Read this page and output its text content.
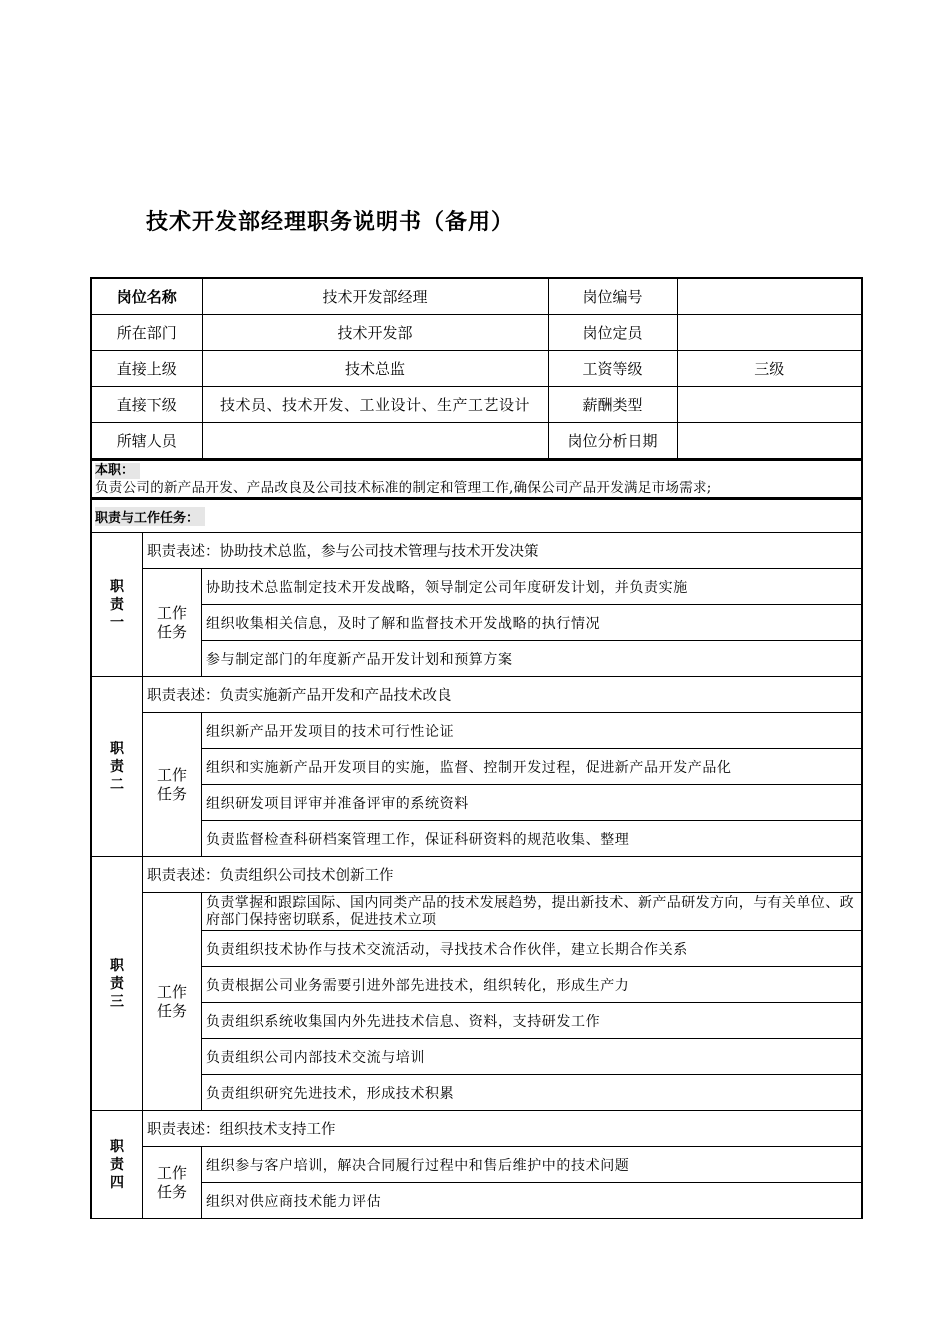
技术开发部经理职务说明书（备用）
岗位名称	技术开发部经理	岗位编号	
所在部门	技术开发部	岗位定员	
直接上级	技术总监	工资等级	三级
直接下级	技术员、技术开发、工业设计、生产工艺设计	薪酬类型	
所辖人员		岗位分析日期	
本职：
负责公司的新产品开发、产品改良及公司技术标准的制定和管理工作,确保公司产品开发满足市场需求;
职责与工作任务：
职
责
一
职责表述： 协助技术总监，参与公司技术管理与技术开发决策
工作
任务
协助技术总监制定技术开发战略，领导制定公司年度研发计划，并负责实施
组织收集相关信息，及时了解和监督技术开发战略的执行情况
参与制定部门的年度新产品开发计划和预算方案
职
责
二
职责表述： 负责实施新产品开发和产品技术改良
工作
任务
组织新产品开发项目的技术可行性论证
组织和实施新产品开发项目的实施，监督、控制开发过程，促进新产品开发产品化
组织研发项目评审并准备评审的系统资料
负责监督检查科研档案管理工作，保证科研资料的规范收集、整理
职
责
三
职责表述： 负责组织公司技术创新工作
工作
任务
负责掌握和跟踪国际、国内同类产品的技术发展趋势，提出新技术、新产品研发方向，与有关单位、政府部门保持密切联系，促进技术立项
负责组织技术协作与技术交流活动，寻找技术合作伙伴，建立长期合作关系
负责根据公司业务需要引进外部先进技术，组织转化，形成生产力
负责组织系统收集国内外先进技术信息、资料，支持研发工作
负责组织公司内部技术交流与培训
负责组织研究先进技术，形成技术积累
职
责
四
职责表述： 组织技术支持工作
工作
任务
组织参与客户培训，解决合同履行过程中和售后维护中的技术问题
组织对供应商技术能力评估
